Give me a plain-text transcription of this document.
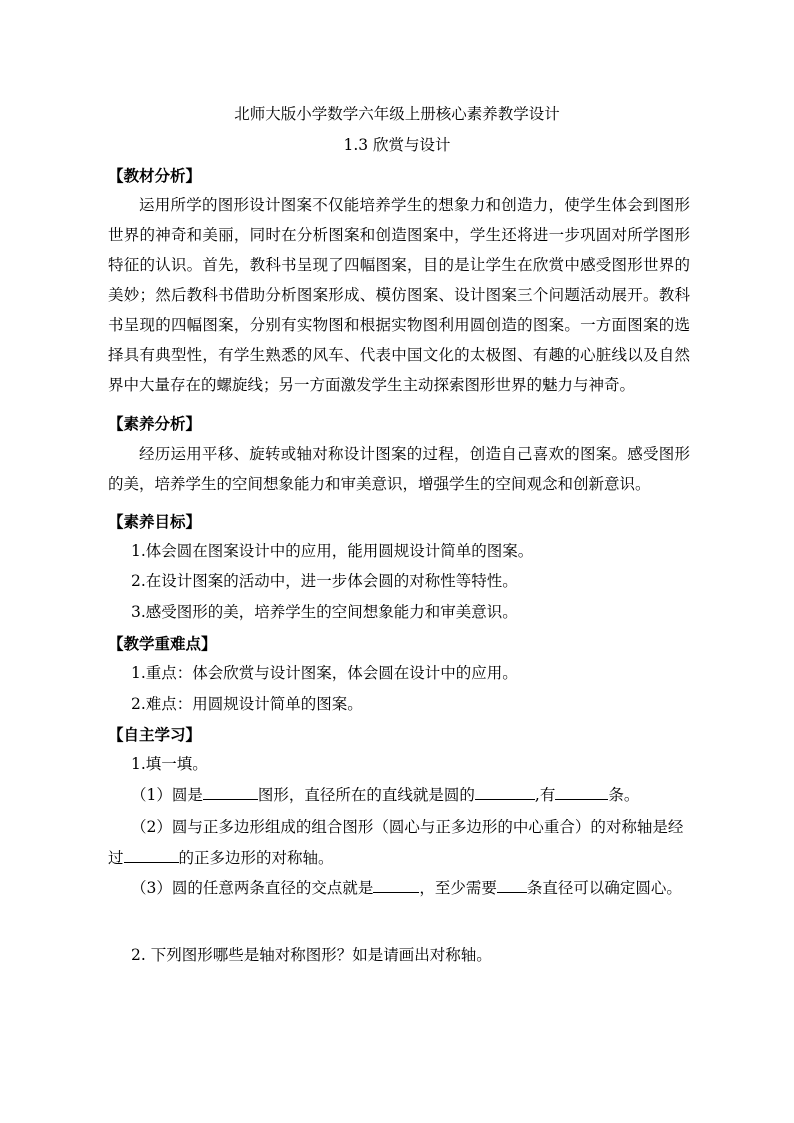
北师大版小学数学六年级上册核心素养教学设计
1.3 欣赏与设计
【教材分析】
运用所学的图形设计图案不仅能培养学生的想象力和创造力，使学生体会到图形世界的神奇和美丽，同时在分析图案和创造图案中，学生还将进一步巩固对所学图形特征的认识。首先，教科书呈现了四幅图案，目的是让学生在欣赏中感受图形世界的美妙；然后教科书借助分析图案形成、模仿图案、设计图案三个问题活动展开。教科书呈现的四幅图案，分别有实物图和根据实物图利用圆创造的图案。一方面图案的选择具有典型性，有学生熟悉的风车、代表中国文化的太极图、有趣的心脏线以及自然界中大量存在的螺旋线；另一方面激发学生主动探索图形世界的魅力与神奇。
【素养分析】
经历运用平移、旋转或轴对称设计图案的过程，创造自己喜欢的图案。感受图形的美，培养学生的空间想象能力和审美意识，增强学生的空间观念和创新意识。
【素养目标】
1.体会圆在图案设计中的应用，能用圆规设计简单的图案。
2.在设计图案的活动中，进一步体会圆的对称性等特性。
3.感受图形的美，培养学生的空间想象能力和审美意识。
【教学重难点】
1.重点：体会欣赏与设计图案，体会圆在设计中的应用。
2.难点：用圆规设计简单的图案。
【自主学习】
1.填一填。
（1）圆是	图形，直径所在的直线就是圆的	,有	条。
（2）圆与正多边形组成的组合图形（圆心与正多边形的中心重合）的对称轴是经
过	的正多边形的对称轴。
（3）圆的任意两条直径的交点就是	，至少需要 条直径可以确定圆心。
2. 下列图形哪些是轴对称图形？如是请画出对称轴。
